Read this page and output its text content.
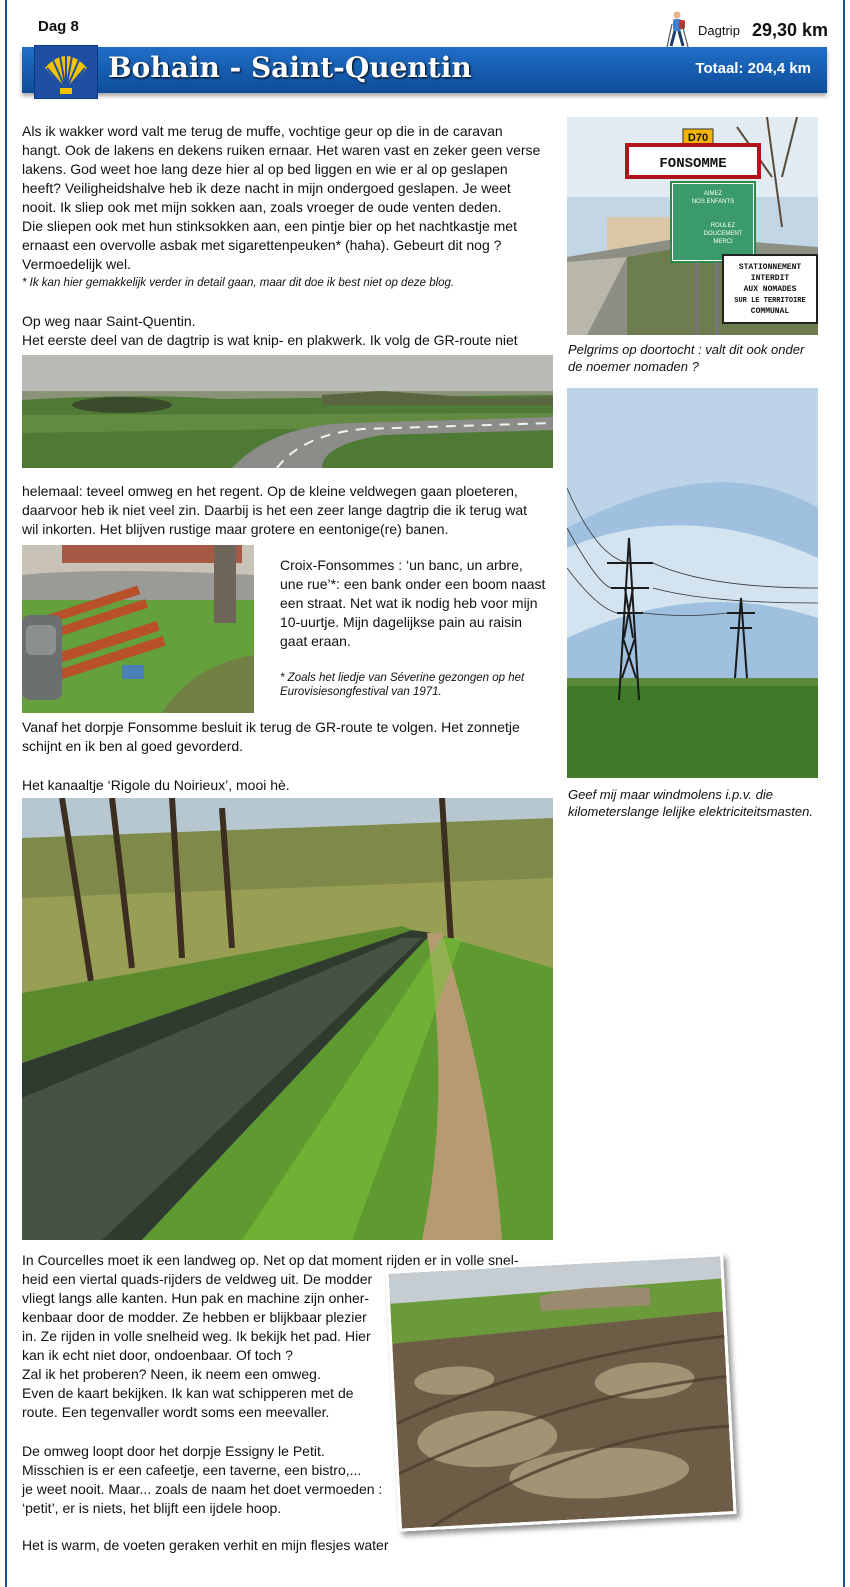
Dag 8	Dagtrip 29,30 km
Bohain - Saint-Quentin	Totaal: 204,4 km

Als ik wakker word valt me terug de muffe, vochtige geur op die in de caravan

hangt. Ook de lakens en dekens ruiken ernaar. Het waren vast en zeker geen verse

lakens. God weet hoe lang deze hier al op bed liggen en wie er al op geslapen

heeft? Veiligheidshalve heb ik deze nacht in mijn ondergoed geslapen. Je weet

nooit. Ik sliep ook met mijn sokken aan, zoals vroeger de oude venten deden.

Die sliepen ook met hun stinksokken aan, een pintje bier op het nachtkastje met

ernaast een overvolle asbak met sigarettenpeuken* (haha). Gebeurt dit nog ?

Vermoedelijk wel.

* Ik kan hier gemakkelijk verder in detail gaan, maar dit doe ik best niet op deze blog.

Op weg naar Saint-Quentin.

Het eerste deel van de dagtrip is wat knip- en plakwerk. Ik volg de GR-route niet

helemaal: teveel omweg en het regent. Op de kleine veldwegen gaan ploeteren,

daarvoor heb ik niet veel zin. Daarbij is het een zeer lange dagtrip die ik terug wat

wil inkorten. Het blijven rustige maar grotere en eentonige(re) banen.

Croix-Fonsommes : ‘un banc, un arbre,

une rue’*: een bank onder een boom naast

een straat. Net wat ik nodig heb voor mijn

10-uurtje. Mijn dagelijkse pain au raisin

gaat eraan.

* Zoals het liedje van Séverine gezongen op het

Eurovisiesongfestival van 1971.

Vanaf het dorpje Fonsomme besluit ik terug de GR-route te volgen. Het zonnetje

schijnt en ik ben al goed gevorderd.

Het kanaaltje ‘Rigole du Noirieux’, mooi hè.

In Courcelles moet ik een landweg op. Net op dat moment rijden er in volle snel-

heid een viertal quads-rijders de veldweg uit. De modder

vliegt langs alle kanten. Hun pak en machine zijn onher-

kenbaar door de modder. Ze hebben er blijkbaar plezier

in. Ze rijden in volle snelheid weg. Ik bekijk het pad. Hier

kan ik echt niet door, ondoenbaar. Of toch ?

Zal ik het proberen? Neen, ik neem een omweg.

Even de kaart bekijken. Ik kan wat schipperen met de

route. Een tegenvaller wordt soms een meevaller.

De omweg loopt door het dorpje Essigny le Petit.

Misschien is er een cafeetje, een taverne, een bistro,...

je weet nooit. Maar... zoals de naam het doet vermoeden :

‘petit’, er is niets, het blijft een ijdele hoop.

Het is warm, de voeten geraken verhit en mijn flesjes water
D70
FONSOMME
AIMEZ
NOS ENFANTS
ROULEZ
DOUCEMENT
MERCI
STATIONNEMENT
INTERDIT
AUX NOMADES
SUR LE TERRITOIRE
COMMUNAL

Pelgrims op doortocht : valt dit ook onder

de noemer nomaden ?

Geef mij maar windmolens i.p.v. die

kilometerslange lelijke elektriciteitsmasten.
